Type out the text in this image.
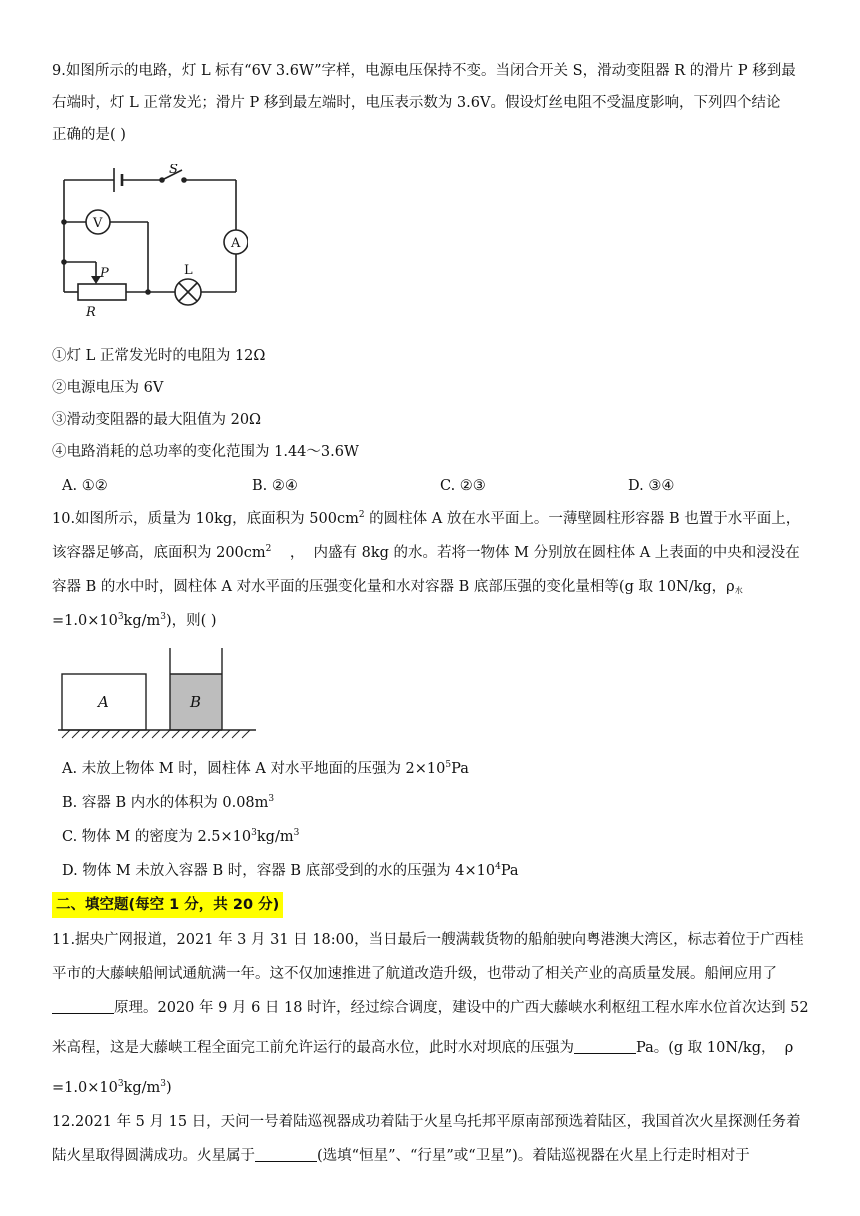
9.如图所示的电路，灯 L 标有“6V 3.6W”字样，电源电压保持不变。当闭合开关 S，滑动变阻器 R 的滑片 P 移到最
右端时，灯 L 正常发光；滑片 P 移到最左端时，电压表示数为 3.6V。假设灯丝电阻不受温度影响，下列四个结论
正确的是( )
S
V
A
P
R
L
①灯 L 正常发光时的电阻为 12Ω
②电源电压为 6V
③滑动变阻器的最大阻值为 20Ω
④电路消耗的总功率的变化范围为 1.44～3.6W
A. ①②	B. ②④	C. ②③	D. ③④
10.如图所示，质量为 10kg，底面积为 $500cm^2$ 的圆柱体 A 放在水平面上。一薄壁圆柱形容器 B 也置于水平面上，
该容器足够高，底面积为 $200cm^2$    ，  内盛有 8kg 的水。若将一物体 M 分别放在圆柱体 A 上表面的中央和浸没在
容器 B 的水中时，圆柱体 A 对水平面的压强变化量和水对容器 B 底部压强的变化量相等(g 取 10N/kg，$\rho_水$
$=1.0\times 10^3kg/m^3$)，则( )
A	B
A. 未放上物体 M 时，圆柱体 A 对水平地面的压强为 $2\times 10^5Pa$
B. 容器 B 内水的体积为 $0.08m^3$
C. 物体 M 的密度为 $2.5\times 10^3kg/m^3$
D. 物体 M 未放入容器 B 时，容器 B 底部受到的水的压强为 $4\times 10^4Pa$
二、填空题(每空 1 分，共 20 分)
11.据央广网报道，2021 年 3 月 31 日 18:00，当日最后一艘满载货物的船舶驶向粤港澳大湾区，标志着位于广西桂
平市的大藤峡船闸试通航满一年。这不仅加速推进了航道改造升级，也带动了相关产业的高质量发展。船闸应用了
原理。2020 年 9 月 6 日 18 时许，经过综合调度，建设中的广西大藤峡水利枢纽工程水库水位首次达到 52
米高程，这是大藤峡工程全面完工前允许运行的最高水位，此时水对坝底的压强为	Pa。(g 取 10N/kg，  ρ
$=1.0\times 10^3kg/m^3$)
12.2021 年 5 月 15 日，天问一号着陆巡视器成功着陆于火星乌托邦平原南部预选着陆区，我国首次火星探测任务着
陆火星取得圆满成功。火星属于	(选填“恒星”、“行星”或“卫星”)。着陆巡视器在火星上行走时相对于
